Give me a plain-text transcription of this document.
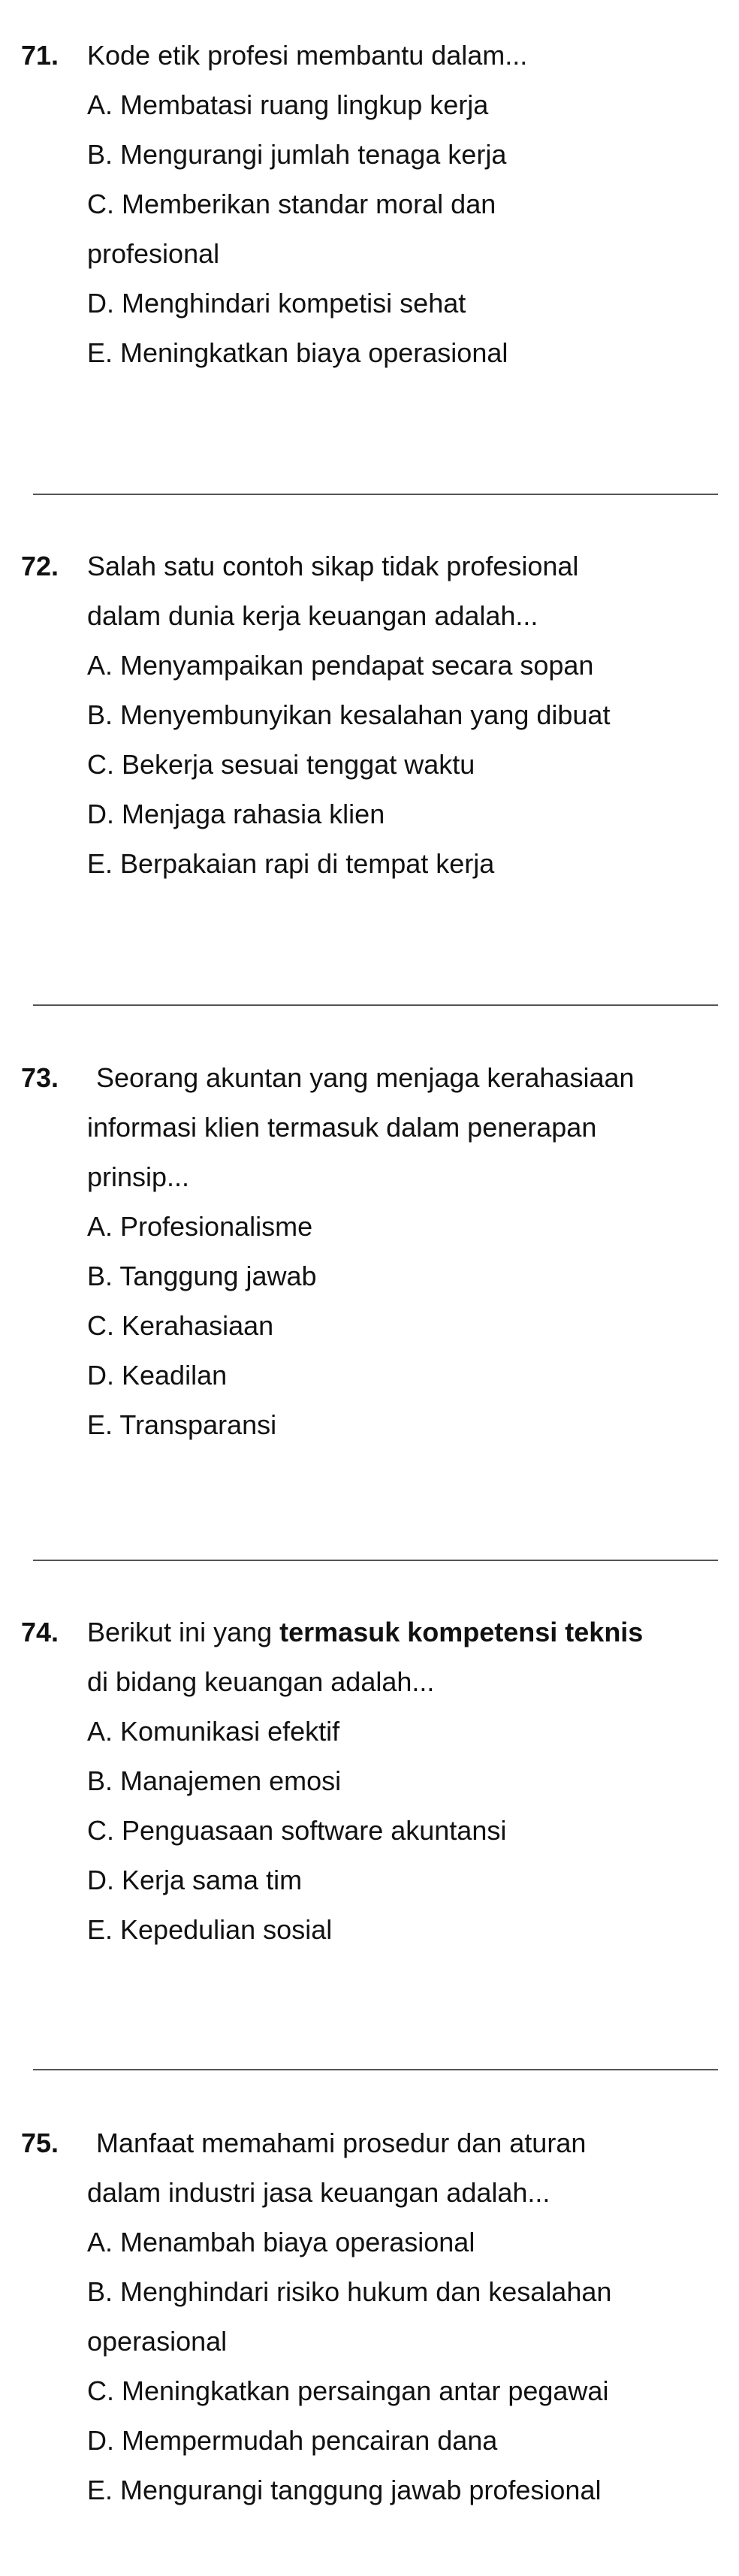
71. Kode etik profesi membantu dalam...
A. Membatasi ruang lingkup kerja
B. Mengurangi jumlah tenaga kerja
C. Memberikan standar moral dan
profesional
D. Menghindari kompetisi sehat
E. Meningkatkan biaya operasional
72. Salah satu contoh sikap tidak profesional
dalam dunia kerja keuangan adalah...
A. Menyampaikan pendapat secara sopan
B. Menyembunyikan kesalahan yang dibuat
C. Bekerja sesuai tenggat waktu
D. Menjaga rahasia klien
E. Berpakaian rapi di tempat kerja
73. Seorang akuntan yang menjaga kerahasiaan
informasi klien termasuk dalam penerapan
prinsip...
A. Profesionalisme
B. Tanggung jawab
C. Kerahasiaan
D. Keadilan
E. Transparansi
74. Berikut ini yang termasuk kompetensi teknis
di bidang keuangan adalah...
A. Komunikasi efektif
B. Manajemen emosi
C. Penguasaan software akuntansi
D. Kerja sama tim
E. Kepedulian sosial
75. Manfaat memahami prosedur dan aturan
dalam industri jasa keuangan adalah...
A. Menambah biaya operasional
B. Menghindari risiko hukum dan kesalahan
operasional
C. Meningkatkan persaingan antar pegawai
D. Mempermudah pencairan dana
E. Mengurangi tanggung jawab profesional
